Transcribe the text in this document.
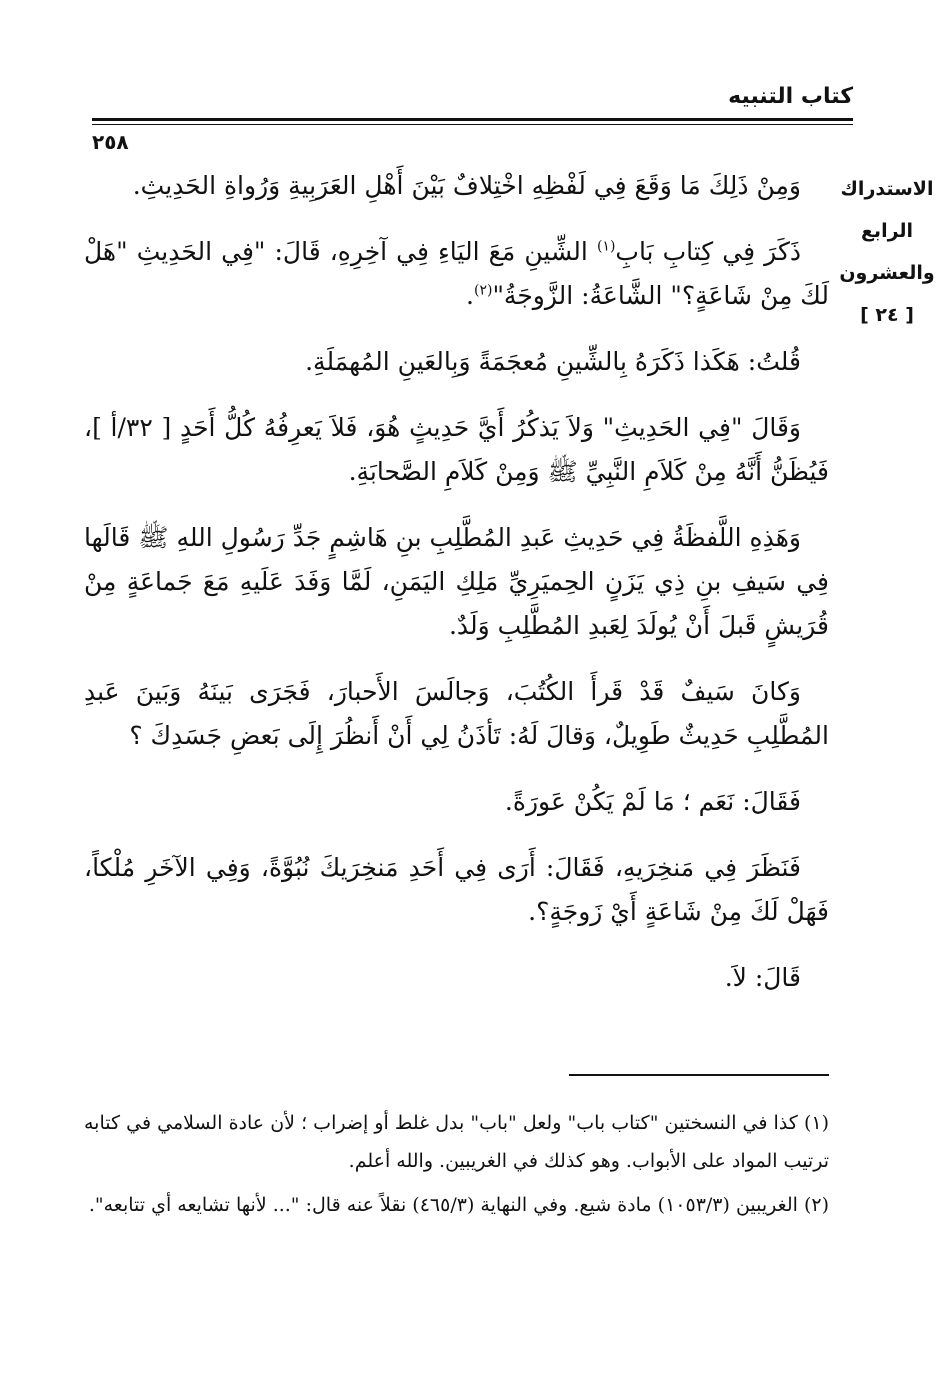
كتاب التنبيه
٢٥٨
الاستدراك
الرابع
والعشرون
[ ٢٤ ]

وَمِنْ ذَلِكَ مَا وَقَعَ فِي لَفْظِهِ اخْتِلافٌ بَيْنَ أَهْلِ العَرَبِيةِ وَرُواةِ الحَدِيثِ.

ذَكَرَ فِي كِتابِ بَابِ$^{(١)}$ الشِّينِ مَعَ اليَاءِ فِي آخِرِهِ، قَالَ: "فِي الحَدِيثِ "هَلْ لَكَ مِنْ شَاعَةٍ؟" الشَّاعَةُ: الزَّوجَةُ"$^{(٢)}$.

قُلتُ: هَكَذا ذَكَرَهُ بِالشِّينِ مُعجَمَةً وَبِالعَينِ المُهمَلَةِ.

وَقَالَ "فِي الحَدِيثِ" وَلاَ يَذكُرُ أَيَّ حَدِيثٍ هُوَ، فَلاَ يَعرِفُهُ كُلُّ أَحَدٍ [ ٣٢/أ ]، فَيُظَنُّ أَنَّهُ مِنْ كَلاَمِ النَّبِيِّ ﷺ وَمِنْ كَلاَمِ الصَّحابَةِ.

وَهَذِهِ اللَّفظَةُ فِي حَدِيثِ عَبدِ المُطَّلِبِ بنِ هَاشِمٍ جَدِّ رَسُولِ اللهِ ﷺ قَالَها فِي سَيفِ بنِ ذِي يَزَنٍ الحِميَرِيِّ مَلِكِ اليَمَنِ، لَمَّا وَفَدَ عَلَيهِ مَعَ جَماعَةٍ مِنْ قُرَيشٍ قَبلَ أَنْ يُولَدَ لِعَبدِ المُطَّلِبِ وَلَدٌ.

وَكانَ سَيفٌ قَدْ قَرأَ الكُتُبَ، وَجالَسَ الأَحبارَ، فَجَرَى بَينَهُ وَبَينَ عَبدِ المُطَّلِبِ حَدِيثٌ طَوِيلٌ، وَقالَ لَهُ: تَأذَنُ لِي أَنْ أَنظُرَ إِلَى بَعضِ جَسَدِكَ ؟

فَقَالَ: نَعَم ؛ مَا لَمْ يَكُنْ عَورَةً.

فَنَظَرَ فِي مَنخِرَيهِ، فَقَالَ: أَرَى فِي أَحَدِ مَنخِرَيكَ نُبُوَّةً، وَفِي الآخَرِ مُلْكاً، فَهَلْ لَكَ مِنْ شَاعَةٍ أَيْ زَوجَةٍ؟.

قَالَ: لاَ.

(١) كذا في النسختين "كتاب باب" ولعل "باب" بدل غلط أو إضراب ؛ لأن عادة السلامي في كتابه ترتيب المواد على الأبواب. وهو كذلك في الغريبين. والله أعلم.

(٢) الغريبين (١٠٥٣/٣) مادة شيع. وفي النهاية (٤٦٥/٣) نقلاً عنه قال: "... لأنها تشايعه أي تتابعه".
